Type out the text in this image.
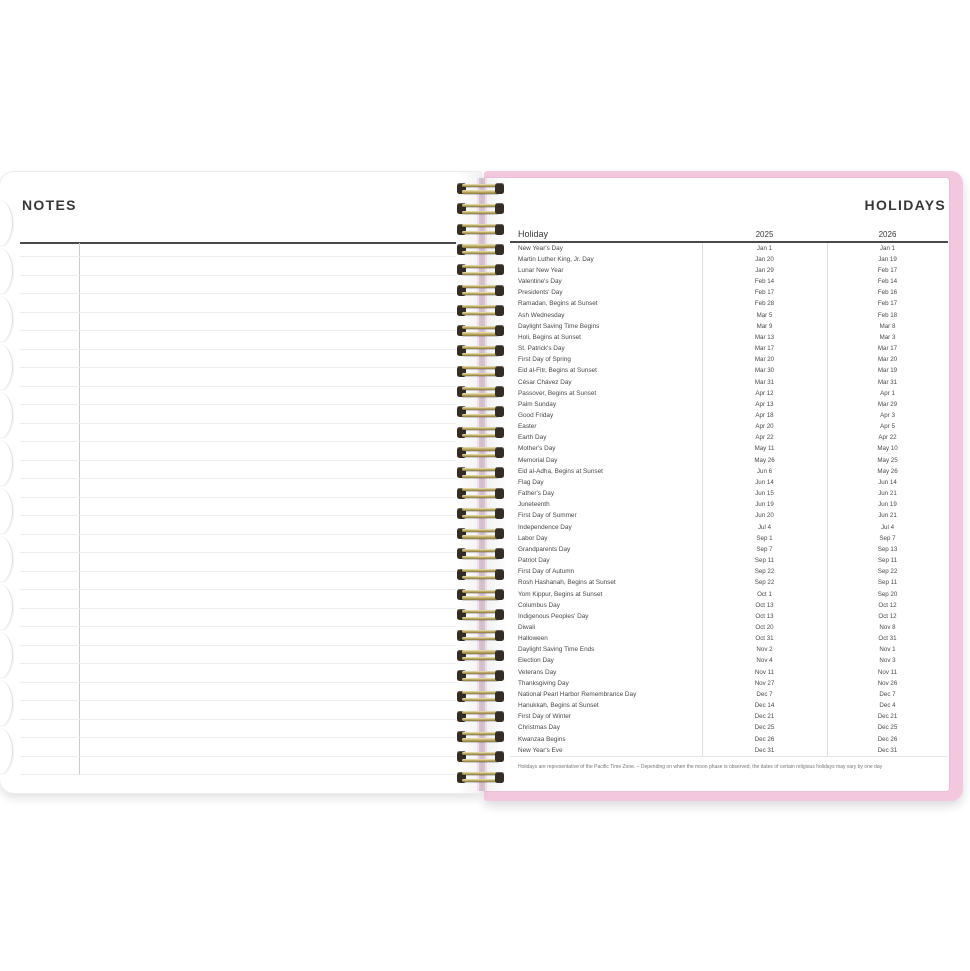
NOTES	HOLIDAYS
Holiday	2025	2026
New Year's Day	Jan 1	Jan 1
Martin Luther King, Jr. Day	Jan 20	Jan 19
Lunar New Year	Jan 29	Feb 17
Valentine's Day	Feb 14	Feb 14
Presidents' Day	Feb 17	Feb 16
Ramadan, Begins at Sunset	Feb 28	Feb 17
Ash Wednesday	Mar 5	Feb 18
Daylight Saving Time Begins	Mar 9	Mar 8
Holi, Begins at Sunset	Mar 13	Mar 3
St. Patrick's Day	Mar 17	Mar 17
First Day of Spring	Mar 20	Mar 20
Eid al-Fitr, Begins at Sunset	Mar 30	Mar 19
César Chávez Day	Mar 31	Mar 31
Passover, Begins at Sunset	Apr 12	Apr 1
Palm Sunday	Apr 13	Mar 29
Good Friday	Apr 18	Apr 3
Easter	Apr 20	Apr 5
Earth Day	Apr 22	Apr 22
Mother's Day	May 11	May 10
Memorial Day	May 26	May 25
Eid al-Adha, Begins at Sunset	Jun 6	May 26
Flag Day	Jun 14	Jun 14
Father's Day	Jun 15	Jun 21
Juneteenth	Jun 19	Jun 19
First Day of Summer	Jun 20	Jun 21
Independence Day	Jul 4	Jul 4
Labor Day	Sep 1	Sep 7
Grandparents Day	Sep 7	Sep 13
Patriot Day	Sep 11	Sep 11
First Day of Autumn	Sep 22	Sep 22
Rosh Hashanah, Begins at Sunset	Sep 22	Sep 11
Yom Kippur, Begins at Sunset	Oct 1	Sep 20
Columbus Day	Oct 13	Oct 12
Indigenous Peoples' Day	Oct 13	Oct 12
Diwali	Oct 20	Nov 8
Halloween	Oct 31	Oct 31
Daylight Saving Time Ends	Nov 2	Nov 1
Election Day	Nov 4	Nov 3
Veterans Day	Nov 11	Nov 11
Thanksgiving Day	Nov 27	Nov 26
National Pearl Harbor Remembrance Day	Dec 7	Dec 7
Hanukkah, Begins at Sunset	Dec 14	Dec 4
First Day of Winter	Dec 21	Dec 21
Christmas Day	Dec 25	Dec 25
Kwanzaa Begins	Dec 26	Dec 26
New Year's Eve	Dec 31	Dec 31
Holidays are representative of the Pacific Time Zone. – Depending on when the moon phase is observed, the dates of certain religious holidays may vary by one day
